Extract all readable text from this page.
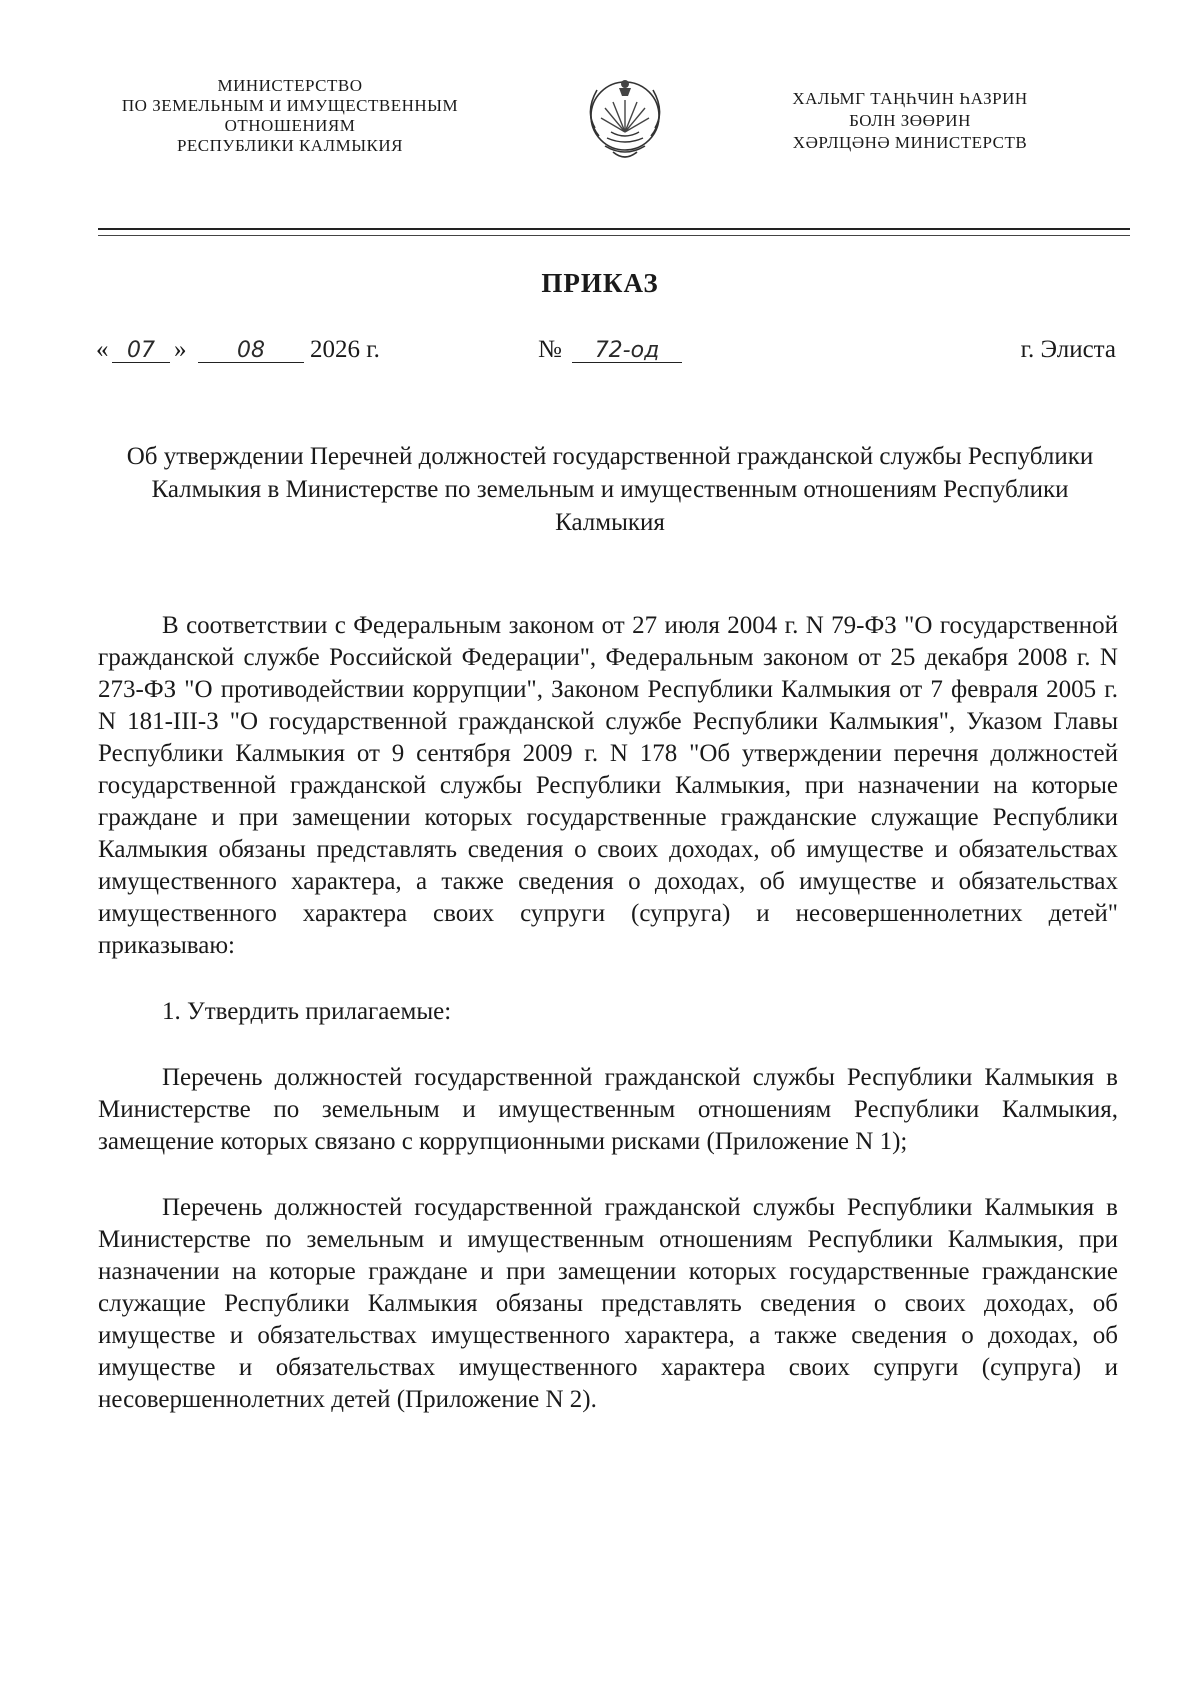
МИНИСТЕРСТВО
ПО ЗЕМЕЛЬНЫМ И ИМУЩЕСТВЕННЫМ
ОТНОШЕНИЯМ
РЕСПУБЛИКИ КАЛМЫКИЯ
ХАЛЬМГ ТАҢҺЧИН ҺАЗРИН
БОЛН ЗӨӨРИН
ХӘРЛЦӘНӘ МИНИСТЕРСТВ
ПРИКАЗ
« 07 »	08	2026 г.	№	72-од	г. Элиста
Об утверждении Перечней должностей государственной гражданской службы Республики Калмыкия в Министерстве по земельным и имущественным отношениям Республики Калмыкия

В соответствии с Федеральным законом от 27 июля 2004 г. N 79-ФЗ "О государственной гражданской службе Российской Федерации", Федеральным законом от 25 декабря 2008 г. N 273-ФЗ "О противодействии коррупции", Законом Республики Калмыкия от 7 февраля 2005 г. N 181-III-З "О государственной гражданской службе Республики Калмыкия", Указом Главы Республики Калмыкия от 9 сентября 2009 г. N 178 "Об утверждении перечня должностей государственной гражданской службы Республики Калмыкия, при назначении на которые граждане и при замещении которых государственные гражданские служащие Республики Калмыкия обязаны представлять сведения о своих доходах, об имуществе и обязательствах имущественного характера, а также сведения о доходах, об имуществе и обязательствах имущественного характера своих супруги (супруга) и несовершеннолетних детей" приказываю:

1. Утвердить прилагаемые:

Перечень должностей государственной гражданской службы Республики Калмыкия в Министерстве по земельным и имущественным отношениям Республики Калмыкия, замещение которых связано с коррупционными рисками (Приложение N 1);

Перечень должностей государственной гражданской службы Республики Калмыкия в Министерстве по земельным и имущественным отношениям Республики Калмыкия, при назначении на которые граждане и при замещении которых государственные гражданские служащие Республики Калмыкия обязаны представлять сведения о своих доходах, об имуществе и обязательствах имущественного характера, а также сведения о доходах, об имуществе и обязательствах имущественного характера своих супруги (супруга) и несовершеннолетних детей (Приложение N 2).
